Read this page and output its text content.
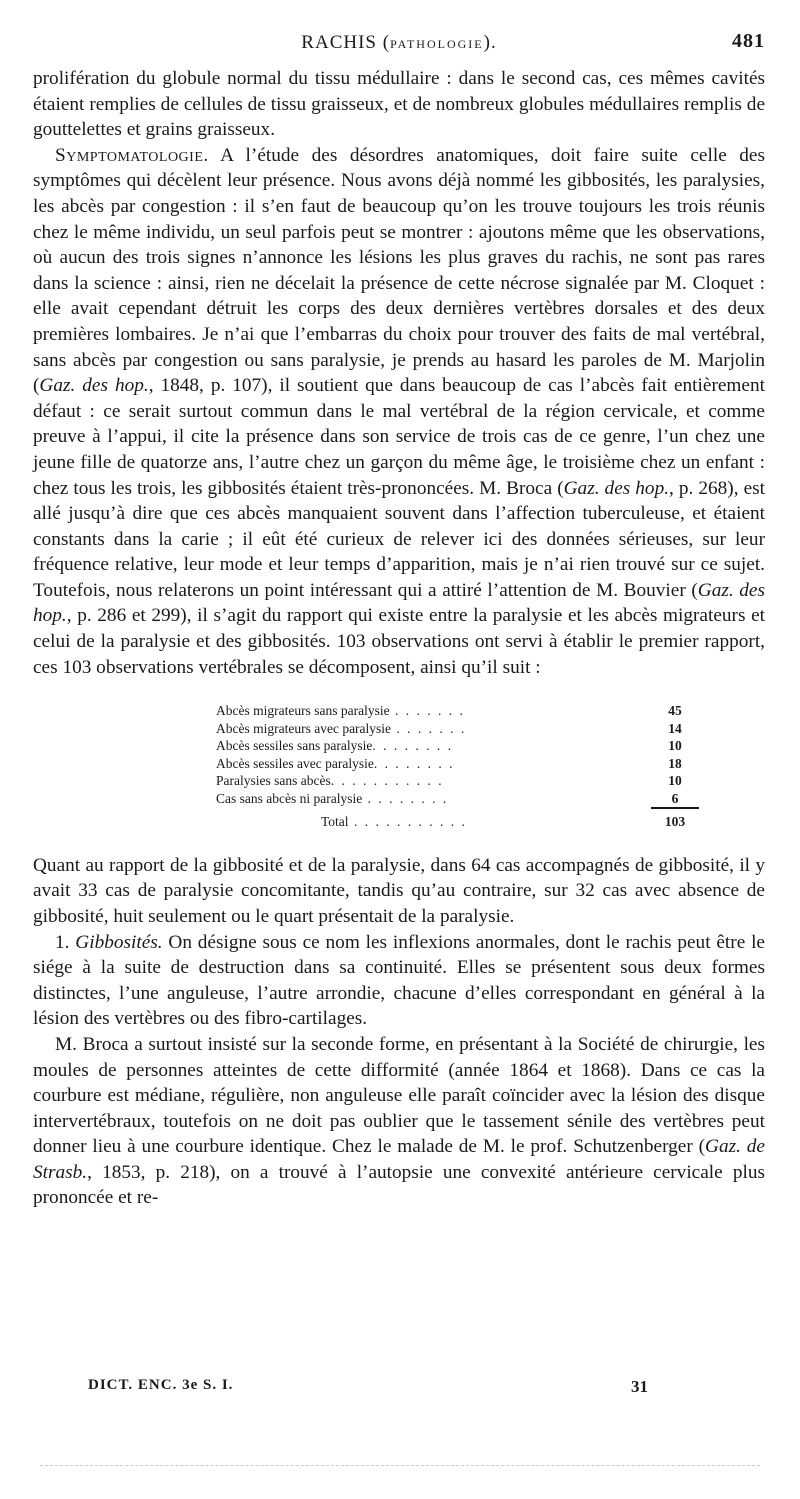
RACHIS (PATHOLOGIE).	481

prolifération du globule normal du tissu médullaire : dans le second cas, ces mêmes cavités étaient remplies de cellules de tissu graisseux, et de nombreux globules médullaires remplis de gouttelettes et grains graisseux.

Symptomatologie. A l’étude des désordres anatomiques, doit faire suite celle des symptômes qui décèlent leur présence. Nous avons déjà nommé les gibbosités, les paralysies, les abcès par congestion : il s’en faut de beaucoup qu’on les trouve toujours les trois réunis chez le même individu, un seul parfois peut se montrer : ajoutons même que les observations, où aucun des trois signes n’annonce les lésions les plus graves du rachis, ne sont pas rares dans la science : ainsi, rien ne décelait la présence de cette nécrose signalée par M. Cloquet : elle avait cependant détruit les corps des deux dernières vertèbres dorsales et des deux premières lombaires. Je n’ai que l’embarras du choix pour trouver des faits de mal vertébral, sans abcès par congestion ou sans paralysie, je prends au hasard les paroles de M. Marjolin (Gaz. des hop., 1848, p. 107), il soutient que dans beaucoup de cas l’abcès fait entièrement défaut : ce serait surtout commun dans le mal vertébral de la région cervicale, et comme preuve à l’appui, il cite la présence dans son service de trois cas de ce genre, l’un chez une jeune fille de quatorze ans, l’autre chez un garçon du même âge, le troisième chez un enfant : chez tous les trois, les gibbosités étaient très-prononcées. M. Broca (Gaz. des hop., p. 268), est allé jusqu’à dire que ces abcès manquaient souvent dans l’affection tuberculeuse, et étaient constants dans la carie ; il eût été curieux de relever ici des données sérieuses, sur leur fréquence relative, leur mode et leur temps d’apparition, mais je n’ai rien trouvé sur ce sujet. Toutefois, nous relaterons un point intéressant qui a attiré l’attention de M. Bouvier (Gaz. des hop., p. 286 et 299), il s’agit du rapport qui existe entre la paralysie et les abcès migrateurs et celui de la paralysie et des gibbosités. 103 observations ont servi à établir le premier rapport, ces 103 observations vertébrales se décomposent, ainsi qu’il suit :

Abcès migrateurs sans paralysie . . . . . . .	45
Abcès migrateurs avec paralysie . . . . . . .	14
Abcès sessiles sans paralysie. . . . . . . .	10
Abcès sessiles avec paralysie. . . . . . . .	18
Paralysies sans abcès. . . . . . . . . . .	10
Cas sans abcès ni paralysie . . . . . . . .	6
Total . . . . . . . . . . .	103

Quant au rapport de la gibbosité et de la paralysie, dans 64 cas accompagnés de gibbosité, il y avait 33 cas de paralysie concomitante, tandis qu’au contraire, sur 32 cas avec absence de gibbosité, huit seulement ou le quart présentait de la paralysie.

1. Gibbosités. On désigne sous ce nom les inflexions anormales, dont le rachis peut être le siége à la suite de destruction dans sa continuité. Elles se présentent sous deux formes distinctes, l’une anguleuse, l’autre arrondie, chacune d’elles correspondant en général à la lésion des vertèbres ou des fibro-cartilages.

M. Broca a surtout insisté sur la seconde forme, en présentant à la Société de chirurgie, les moules de personnes atteintes de cette difformité (année 1864 et 1868). Dans ce cas la courbure est médiane, régulière, non anguleuse elle paraît coïncider avec la lésion des disque intervertébraux, toutefois on ne doit pas oublier que le tassement sénile des vertèbres peut donner lieu à une courbure identique. Chez le malade de M. le prof. Schutzenberger (Gaz. de Strasb., 1853, p. 218), on a trouvé à l’autopsie une convexité antérieure cervicale plus prononcée et re-

DICT. ENC. 3e S. I.	31
